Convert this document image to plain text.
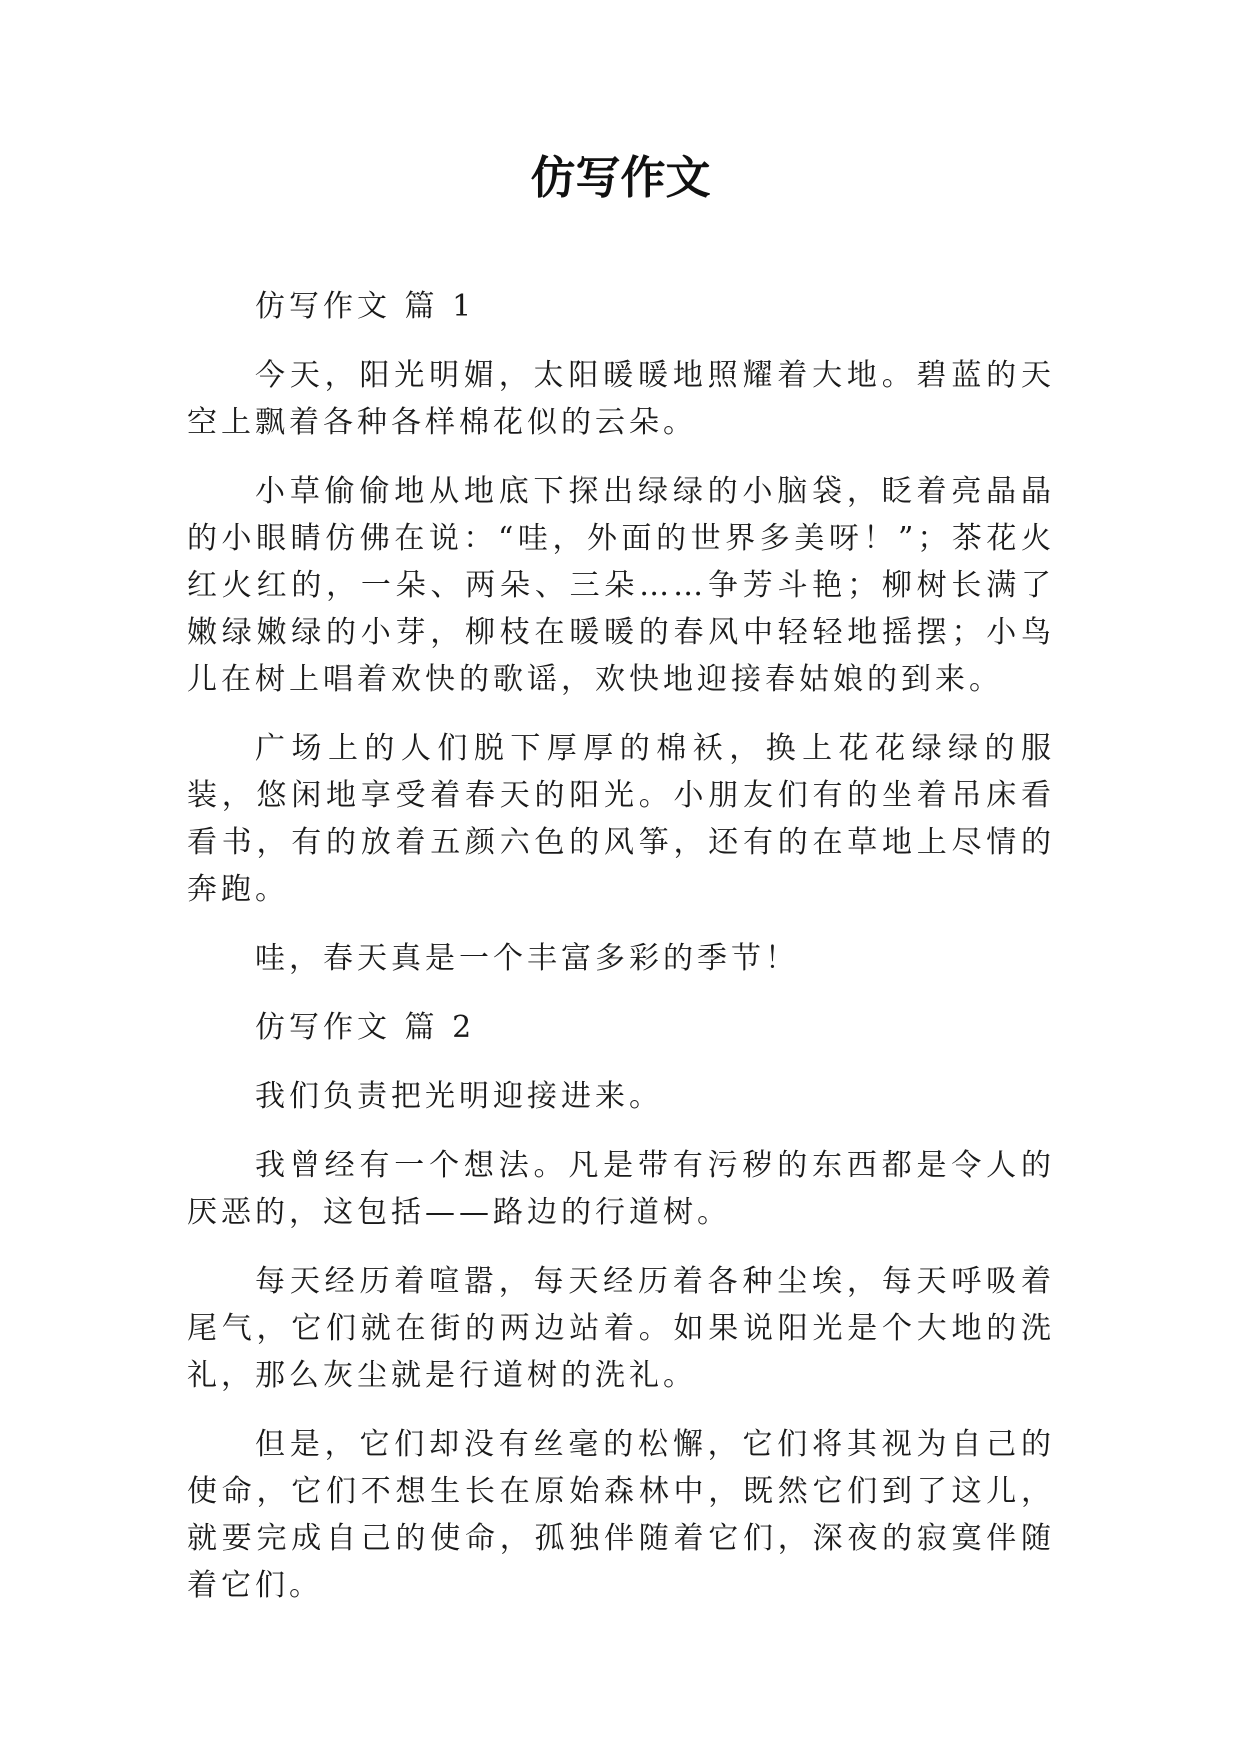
仿写作文

仿写作文 篇 1

今天，阳光明媚，太阳暖暖地照耀着大地。碧蓝的天空上飘着各种各样棉花似的云朵。

小草偷偷地从地底下探出绿绿的小脑袋，眨着亮晶晶的小眼睛仿佛在说：“哇，外面的世界多美呀！”；茶花火红火红的，一朵、两朵、三朵……争芳斗艳；柳树长满了嫩绿嫩绿的小芽，柳枝在暖暖的春风中轻轻地摇摆；小鸟儿在树上唱着欢快的歌谣，欢快地迎接春姑娘的到来。

广场上的人们脱下厚厚的棉袄，换上花花绿绿的服装，悠闲地享受着春天的阳光。小朋友们有的坐着吊床看看书，有的放着五颜六色的风筝，还有的在草地上尽情的奔跑。

哇，春天真是一个丰富多彩的季节！

仿写作文 篇 2

我们负责把光明迎接进来。

我曾经有一个想法。凡是带有污秽的东西都是令人的厌恶的，这包括——路边的行道树。

每天经历着喧嚣，每天经历着各种尘埃，每天呼吸着尾气，它们就在街的两边站着。如果说阳光是个大地的洗礼，那么灰尘就是行道树的洗礼。

但是，它们却没有丝毫的松懈，它们将其视为自己的使命，它们不想生长在原始森林中，既然它们到了这儿，就要完成自己的使命，孤独伴随着它们，深夜的寂寞伴随着它们。
